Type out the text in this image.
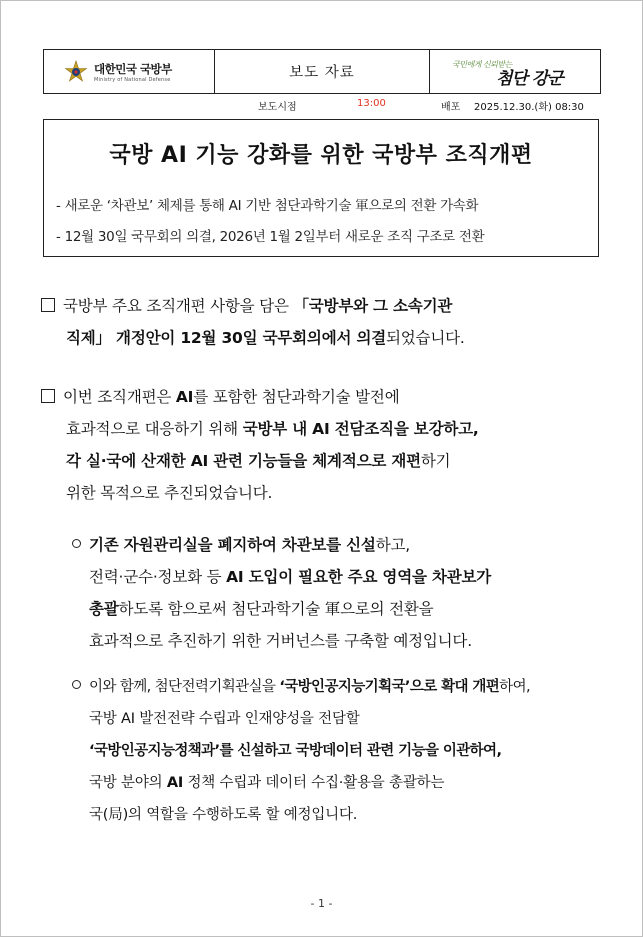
대한민국 국방부
Ministry of National Defense	보도 자료
국민에게 신뢰받는
첨단 강군
보도시점	13:00	배포 2025.12.30.(화) 08:30
국방 AI 기능 강화를 위한 국방부 조직개편
- 새로운 ‘차관보’ 체제를 통해 AI 기반 첨단과학기술 軍으로의 전환 가속화
- 12월 30일 국무회의 의결, 2026년 1월 2일부터 새로운 조직 구조로 전환
국방부 주요 조직개편 사항을 담은 「국방부와 그 소속기관
직제」 개정안이 12월 30일 국무회의에서 의결되었습니다.
이번 조직개편은 AI를 포함한 첨단과학기술 발전에
효과적으로 대응하기 위해 국방부 내 AI 전담조직을 보강하고,
각 실·국에 산재한 AI 관련 기능들을 체계적으로 재편하기
위한 목적으로 추진되었습니다.
기존 자원관리실을 폐지하여 차관보를 신설하고,
전력·군수·정보화 등 AI 도입이 필요한 주요 영역을 차관보가
총괄하도록 함으로써 첨단과학기술 軍으로의 전환을
효과적으로 추진하기 위한 거버넌스를 구축할 예정입니다.
이와 함께, 첨단전력기획관실을 ‘국방인공지능기획국’으로 확대 개편하여,
국방 AI 발전전략 수립과 인재양성을 전담할
‘국방인공지능정책과’를 신설하고 국방데이터 관련 기능을 이관하여,
국방 분야의 AI 정책 수립과 데이터 수집·활용을 총괄하는
국(局)의 역할을 수행하도록 할 예정입니다.
- 1 -
